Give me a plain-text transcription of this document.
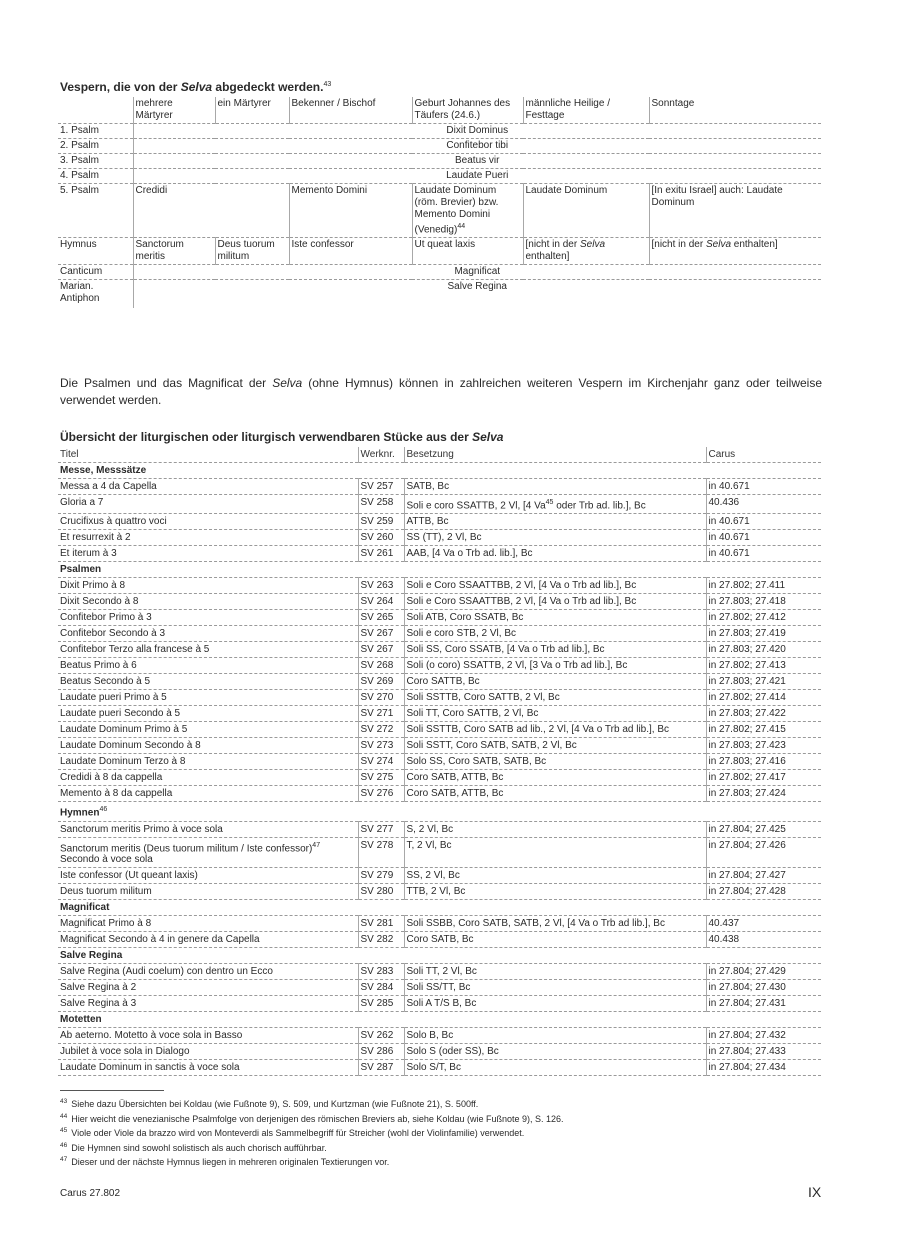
Vespern, die von der Selva abgedeckt werden.$^{43}$
	mehrere Märtyrer	ein Märtyrer	Bekenner / Bischof	Geburt Johannes des Täufers (24.6.)	männliche Heilige / Festtage	Sonntage
1. Psalm	Dixit Dominus					
2. Psalm	Confitebor tibi					
3. Psalm	Beatus vir					
4. Psalm	Laudate Pueri					
5. Psalm	Credidi		Memento Domini	Laudate Dominum (röm. Brevier) bzw. Memento Domini (Venedig)$^{44}$	Laudate Dominum	[In exitu Israel] auch: Laudate Dominum
Hymnus	Sanctorum meritis	Deus tuorum militum	Iste confessor	Ut queat laxis	[nicht in der Selva enthalten]	[nicht in der Selva enthalten]
Canticum	Magnificat					
Marian. Antiphon	Salve Regina					
Die Psalmen und das Magnificat der Selva (ohne Hymnus) können in zahlreichen weiteren Vespern im Kirchenjahr ganz oder teilweise verwendet werden.
Übersicht der liturgischen oder liturgisch verwendbaren Stücke aus der Selva
Titel	Werknr.	Besetzung	Carus
Messe, Messsätze			
Messa a 4 da Capella	SV 257	SATB, Bc	in 40.671
Gloria a 7	SV 258	Soli e coro SSATTB, 2 Vl, [4 Va$^{45}$ oder Trb ad. lib.], Bc	40.436
Crucifixus à quattro voci	SV 259	ATTB, Bc	in 40.671
Et resurrexit à 2	SV 260	SS (TT), 2 Vl, Bc	in 40.671
Et iterum à 3	SV 261	AAB, [4 Va o Trb ad. lib.], Bc	in 40.671
Psalmen			
Dixit Primo à 8	SV 263	Soli e Coro SSAATTBB, 2 Vl, [4 Va o Trb ad lib.], Bc	in 27.802; 27.411
Dixit Secondo à 8	SV 264	Soli e Coro SSAATTBB, 2 Vl, [4 Va o Trb ad lib.], Bc	in 27.803; 27.418
Confitebor Primo à 3	SV 265	Soli ATB, Coro SSATB, Bc	in 27.802; 27.412
Confitebor Secondo à 3	SV 267	Soli e coro STB, 2 Vl, Bc	in 27.803; 27.419
Confitebor Terzo alla francese à 5	SV 267	Soli SS, Coro SSATB, [4 Va o Trb ad lib.], Bc	in 27.803; 27.420
Beatus Primo à 6	SV 268	Soli (o coro) SSATTB, 2 Vl, [3 Va o Trb ad lib.], Bc	in 27.802; 27.413
Beatus Secondo à 5	SV 269	Coro SATTB, Bc	in 27.803; 27.421
Laudate pueri Primo à 5	SV 270	Soli SSTTB, Coro SATTB, 2 Vl, Bc	in 27.802; 27.414
Laudate pueri Secondo à 5	SV 271	Soli TT, Coro SATTB, 2 Vl, Bc	in 27.803; 27.422
Laudate Dominum Primo à 5	SV 272	Soli SSTTB, Coro SATB ad lib., 2 Vl, [4 Va o Trb ad lib.], Bc	in 27.802; 27.415
Laudate Dominum Secondo à 8	SV 273	Soli SSTT, Coro SATB, SATB, 2 Vl, Bc	in 27.803; 27.423
Laudate Dominum Terzo à 8	SV 274	Solo SS, Coro SATB, SATB, Bc	in 27.803; 27.416
Credidi à 8 da cappella	SV 275	Coro SATB, ATTB, Bc	in 27.802; 27.417
Memento à 8 da cappella	SV 276	Coro SATB, ATTB, Bc	in 27.803; 27.424
Hymnen$^{46}$
Sanctorum meritis Primo à voce sola	SV 277	S, 2 Vl, Bc	in 27.804; 27.425
Sanctorum meritis (Deus tuorum militum / Iste confessor)$^{47}$
Secondo à voce sola	SV 278	T, 2 Vl, Bc	in 27.804; 27.426
Iste confessor (Ut queant laxis)	SV 279	SS, 2 Vl, Bc	in 27.804; 27.427
Deus tuorum militum	SV 280	TTB, 2 Vl, Bc	in 27.804; 27.428
Magnificat			
Magnificat Primo à 8	SV 281	Soli SSBB, Coro SATB, SATB, 2 Vl, [4 Va o Trb ad lib.], Bc	40.437
Magnificat Secondo à 4 in genere da Capella	SV 282	Coro SATB, Bc	40.438
Salve Regina			
Salve Regina (Audi coelum) con dentro un Ecco	SV 283	Soli TT, 2 Vl, Bc	in 27.804; 27.429
Salve Regina à 2	SV 284	Soli SS/TT, Bc	in 27.804; 27.430
Salve Regina à 3	SV 285	Soli A T/S B, Bc	in 27.804; 27.431
Motetten			
Ab aeterno. Motetto à voce sola in Basso	SV 262	Solo B, Bc	in 27.804; 27.432
Jubilet à voce sola in Dialogo	SV 286	Solo S (oder SS), Bc	in 27.804; 27.433
Laudate Dominum in sanctis à voce sola	SV 287	Solo S/T, Bc	in 27.804; 27.434
$^{43}$ Siehe dazu Übersichten bei Koldau (wie Fußnote 9), S. 509, und Kurtzman (wie Fußnote 21), S. 500ff.
$^{44}$ Hier weicht die venezianische Psalmfolge von derjenigen des römischen Breviers ab, siehe Koldau (wie Fußnote 9), S. 126.
$^{45}$ Viole oder Viole da brazzo wird von Monteverdi als Sammelbegriff für Streicher (wohl der Violinfamilie) verwendet.
$^{46}$ Die Hymnen sind sowohl solistisch als auch chorisch aufführbar.
$^{47}$ Dieser und der nächste Hymnus liegen in mehreren originalen Textierungen vor.
Carus 27.802	IX
